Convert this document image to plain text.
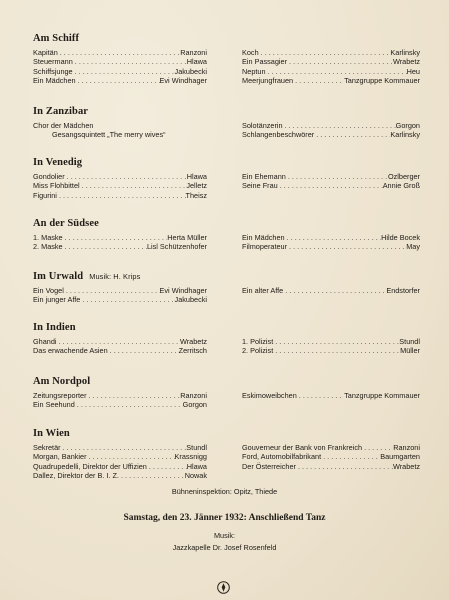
Am Schiff
Kapitän . . .	Ranzoni
Steuermann . . .	Hlawa
Schiffsjunge . . .	Jakubecki
Ein Mädchen . . .	Evi Windhager
Koch . . .	Karlinsky
Ein Passagier . . .	Wrabetz
Neptun . . .	Heu
Meerjungfrauen . . .	Tanzgruppe Kommauer
In Zanzibar
Chor der Mädchen
Gesangsquintett „The merry wives“
Solotänzerin . . .	Gorgon
Schlangenbeschwörer . . .	Karlinsky
In Venedig
Gondolier . . .	Hlawa
Miss Flohbittel . . .	Jelletz
Figurini . . .	Theisz
Ein Ehemann . . .	Ozlberger
Seine Frau . . .	Annie Groß
An der Südsee
1. Maske . . .	Herta Müller
2. Maske . . .	Lisl Schützenhofer
Ein Mädchen . . .	Hilde Bocek
Filmoperateur . . .	May
Im Urwald Musik: H. Krips
Ein Vogel . . .	Evi Windhager
Ein junger Affe . . .	Jakubecki
Ein alter Affe . . .	Endstorfer
In Indien
Ghandi . . .	Wrabetz
Das erwachende Asien . . .	Zerritsch
1. Polizist . . .	Stundl
2. Polizist . . .	Müller
Am Nordpol
Zeitungsreporter . . .	Ranzoni
Ein Seehund . . .	Gorgon
Eskimoweibchen . . .	Tanzgruppe Kommauer
In Wien
Sekretär . . .	Stundl
Morgan, Bankier . . .	Krassnigg
Quadrupedelli, Direktor der Uffizien . . .	Hlawa
Dallez, Direktor der B. I. Z. . . .	Nowak
Gouverneur der Bank von Frankreich . . .	Ranzoni
Ford, Automobilfabrikant . . .	Baumgarten
Der Österreicher . . .	Wrabetz
Bühneninspektion: Opitz, Thiede
Samstag, den 23. Jänner 1932: Anschließend Tanz
Musik:
Jazzkapelle Dr. Josef Rosenfeld
